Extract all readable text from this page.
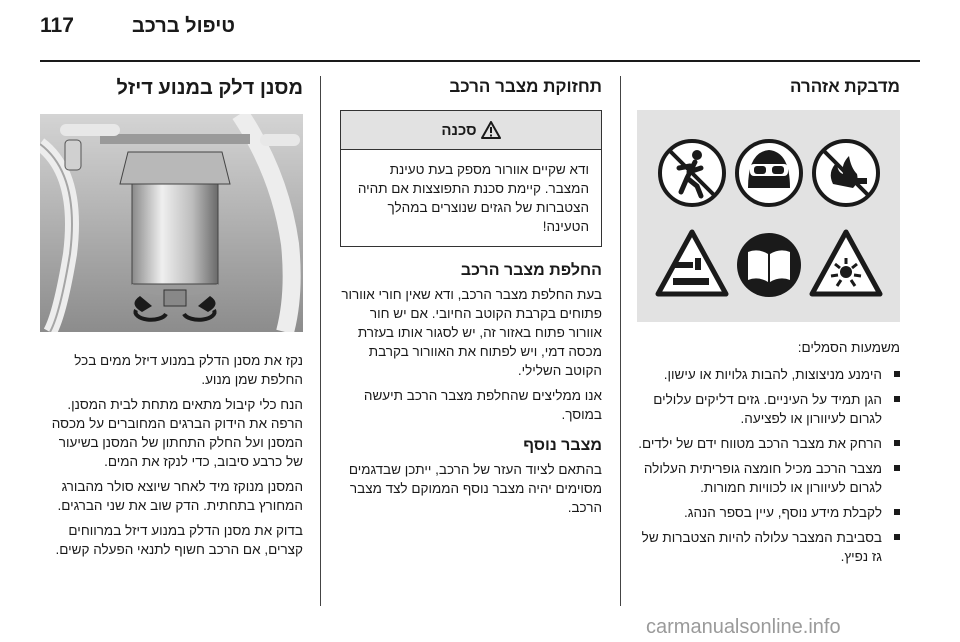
117	טיפול ברכב
מדבקת אזהרה

משמעות הסמלים:

הימנע מניצוצות, להבות גלויות או עישון.
הגן תמיד על העיניים. גזים דליקים עלולים לגרום לעיוורון או לפציעה.
הרחק את מצבר הרכב מטווח ידם של ילדים.
מצבר הרכב מכיל חומצה גופריתית העלולה לגרום לעיוורון או לכוויות חמורות.
לקבלת מידע נוסף, עיין בספר הנהג.
בסביבת המצבר עלולה להיות הצטברות של גז נפיץ.
תחזוקת מצבר הרכב
סכנה
ודא שקיים אוורור מספק בעת טעינת המצבר. קיימת סכנת התפוצצות אם תהיה הצטברות של הגזים שנוצרים במהלך הטעינה!
החלפת מצבר הרכב

בעת החלפת מצבר הרכב, ודא שאין חורי אוורור פתוחים בקרבת הקוטב החיובי. אם יש חור אוורור פתוח באזור זה, יש לסגור אותו בעזרת מכסה דמי, ויש לפתוח את האוורור בקרבת הקוטב השלילי.

אנו ממליצים שהחלפת מצבר הרכב תיעשה במוסך.

מצבר נוסף

בהתאם לציוד העזר של הרכב, ייתכן שבדגמים מסוימים יהיה מצבר נוסף הממוקם לצד מצבר הרכב.

מסנן דלק במנוע דיזל

נקז את מסנן הדלק במנוע דיזל ממים בכל החלפת שמן מנוע.

הנח כלי קיבול מתאים מתחת לבית המסנן. הרפה את הידוק הברגים המחוברים על מכסה המסנן ועל החלק התחתון של המסנן בשיעור של כרבע סיבוב, כדי לנקז את המים.

המסנן מנוקז מיד לאחר שיוצא סולר מהבורג המחורץ בתחתית. הדק שוב את שני הברגים.

בדוק את מסנן הדלק במנוע דיזל במרווחים קצרים, אם הרכב חשוף לתנאי הפעלה קשים.

carmanualsonline.info
